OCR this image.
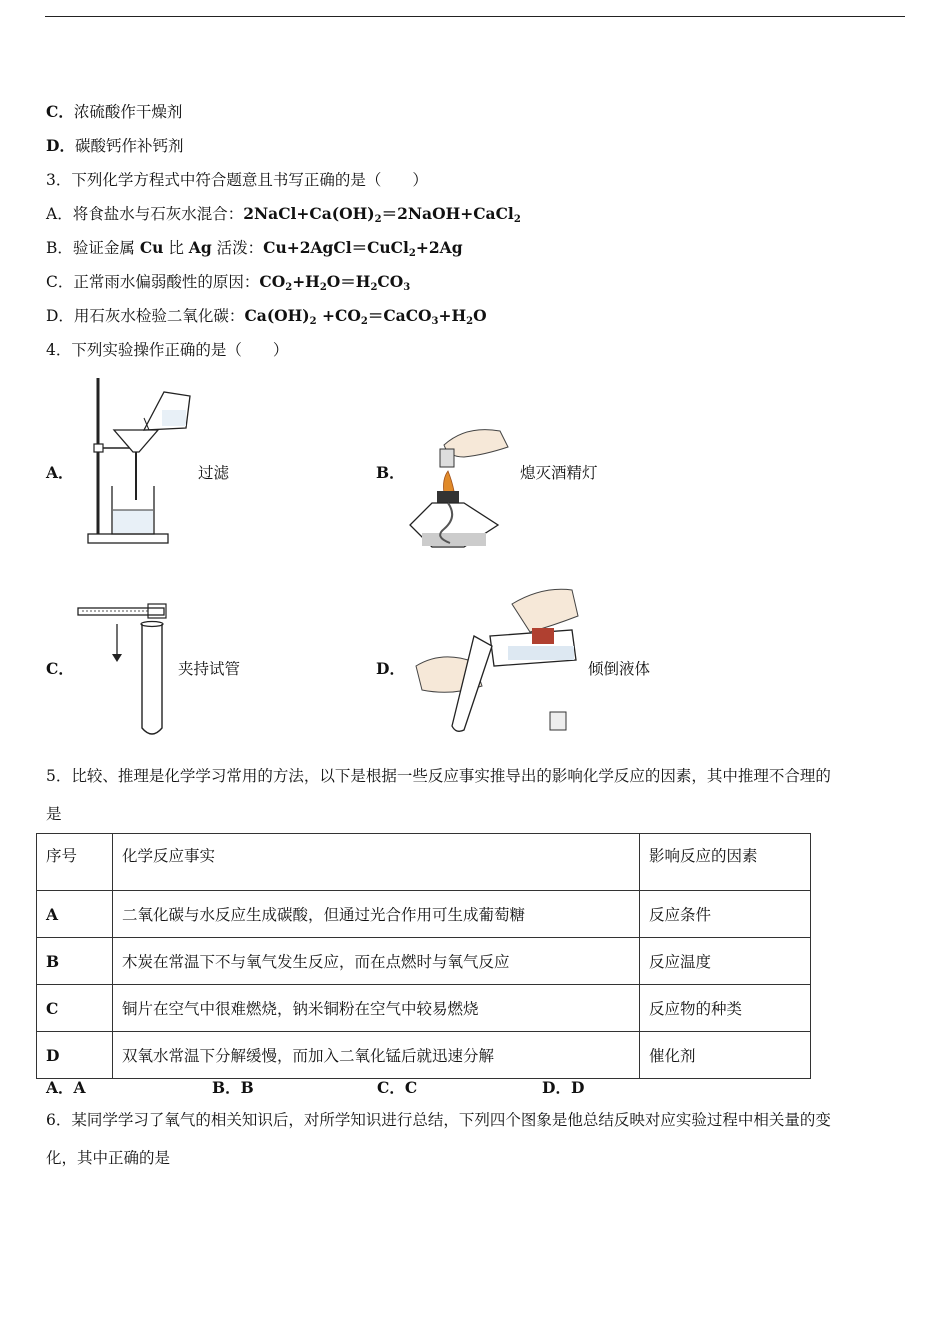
C．浓硫酸作干燥剂
D．碳酸钙作补钙剂
3．下列化学方程式中符合题意且书写正确的是（　　）
A．将食盐水与石灰水混合：$2NaCl+Ca(OH)_2=2NaOH+CaCl_2$
B．验证金属 Cu 比 Ag 活泼：Cu+2AgCl＝CuCl$_2$+2Ag
C．正常雨水偏弱酸性的原因：$CO_2+H_2O=H_2CO_3$
D．用石灰水检验二氧化碳：$Ca(OH)_2$ $+CO_2=CaCO_3+H_2O$
4．下列实验操作正确的是（　　）
A．	过滤	B．	熄灭酒精灯
C．	夹持试管	D．	倾倒液体
5．比较、推理是化学学习常用的方法，以下是根据一些反应事实推导出的影响化学反应的因素，其中推理不合理的
是
序号	化学反应事实	影响反应的因素
A	二氧化碳与水反应生成碳酸，但通过光合作用可生成葡萄糖	反应条件
B	木炭在常温下不与氧气发生反应，而在点燃时与氧气反应	反应温度
C	铜片在空气中很难燃烧，钠米铜粉在空气中较易燃烧	反应物的种类
D	双氧水常温下分解缓慢，而加入二氧化锰后就迅速分解	催化剂
A．A	B．B	C．C	D．D
6．某同学学习了氧气的相关知识后，对所学知识进行总结，下列四个图象是他总结反映对应实验过程中相关量的变
化，其中正确的是
